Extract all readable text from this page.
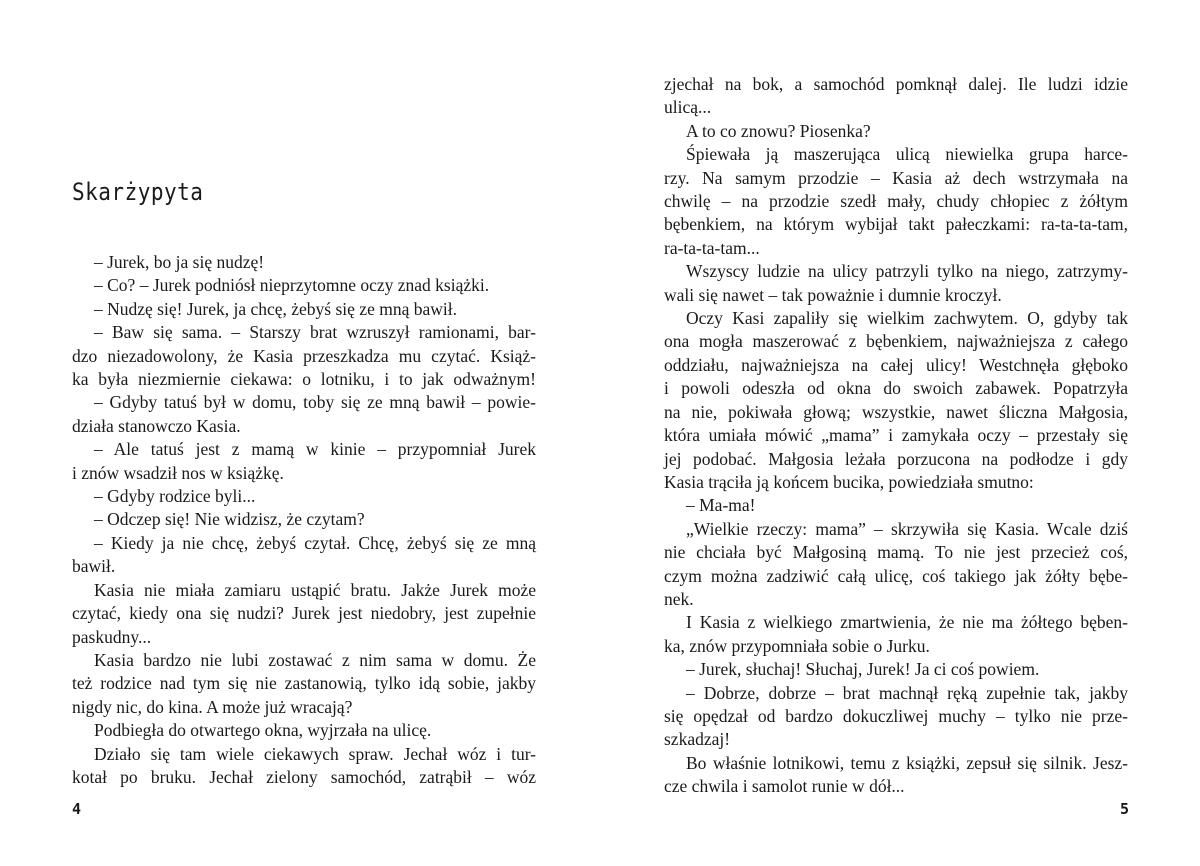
Skarżypyta
– Jurek, bo ja się nudzę!
– Co? – Jurek podniósł nieprzytomne oczy znad książki.
– Nudzę się! Jurek, ja chcę, żebyś się ze mną bawił.
– Baw się sama. – Starszy brat wzruszył ramionami, bar-
dzo niezadowolony, że Kasia przeszkadza mu czytać. Książ-
ka była niezmiernie ciekawa: o lotniku, i to jak odważnym!
– Gdyby tatuś był w domu, toby się ze mną bawił – powie-
działa stanowczo Kasia.
– Ale tatuś jest z mamą w kinie – przypomniał Jurek
i znów wsadził nos w książkę.
– Gdyby rodzice byli...
– Odczep się! Nie widzisz, że czytam?
– Kiedy ja nie chcę, żebyś czytał. Chcę, żebyś się ze mną
bawił.
Kasia nie miała zamiaru ustąpić bratu. Jakże Jurek może
czytać, kiedy ona się nudzi? Jurek jest niedobry, jest zupełnie
paskudny...
Kasia bardzo nie lubi zostawać z nim sama w domu. Że
też rodzice nad tym się nie zastanowią, tylko idą sobie, jakby
nigdy nic, do kina. A może już wracają?
Podbiegła do otwartego okna, wyjrzała na ulicę.
Działo się tam wiele ciekawych spraw. Jechał wóz i tur-
kotał po bruku. Jechał zielony samochód, zatrąbił – wóz

4

zjechał na bok, a samochód pomknął dalej. Ile ludzi idzie
ulicą...
A to co znowu? Piosenka?
Śpiewała ją maszerująca ulicą niewielka grupa harce-
rzy. Na samym przodzie – Kasia aż dech wstrzymała na
chwilę – na przodzie szedł mały, chudy chłopiec z żółtym
bębenkiem, na którym wybijał takt pałeczkami: ra-ta-ta-tam,
ra-ta-ta-tam...
Wszyscy ludzie na ulicy patrzyli tylko na niego, zatrzymy-
wali się nawet – tak poważnie i dumnie kroczył.
Oczy Kasi zapaliły się wielkim zachwytem. O, gdyby tak
ona mogła maszerować z bębenkiem, najważniejsza z całego
oddziału, najważniejsza na całej ulicy! Westchnęła głęboko
i powoli odeszła od okna do swoich zabawek. Popatrzyła
na nie, pokiwała głową; wszystkie, nawet śliczna Małgosia,
która umiała mówić „mama” i zamykała oczy – przestały się
jej podobać. Małgosia leżała porzucona na podłodze i gdy
Kasia trąciła ją końcem bucika, powiedziała smutno:
– Ma-ma!
„Wielkie rzeczy: mama” – skrzywiła się Kasia. Wcale dziś
nie chciała być Małgosiną mamą. To nie jest przecież coś,
czym można zadziwić całą ulicę, coś takiego jak żółty bębe-
nek.
I Kasia z wielkiego zmartwienia, że nie ma żółtego bęben-
ka, znów przypomniała sobie o Jurku.
– Jurek, słuchaj! Słuchaj, Jurek! Ja ci coś powiem.
– Dobrze, dobrze – brat machnął ręką zupełnie tak, jakby
się opędzał od bardzo dokuczliwej muchy – tylko nie prze-
szkadzaj!
Bo właśnie lotnikowi, temu z książki, zepsuł się silnik. Jesz-
cze chwila i samolot runie w dół...

5
